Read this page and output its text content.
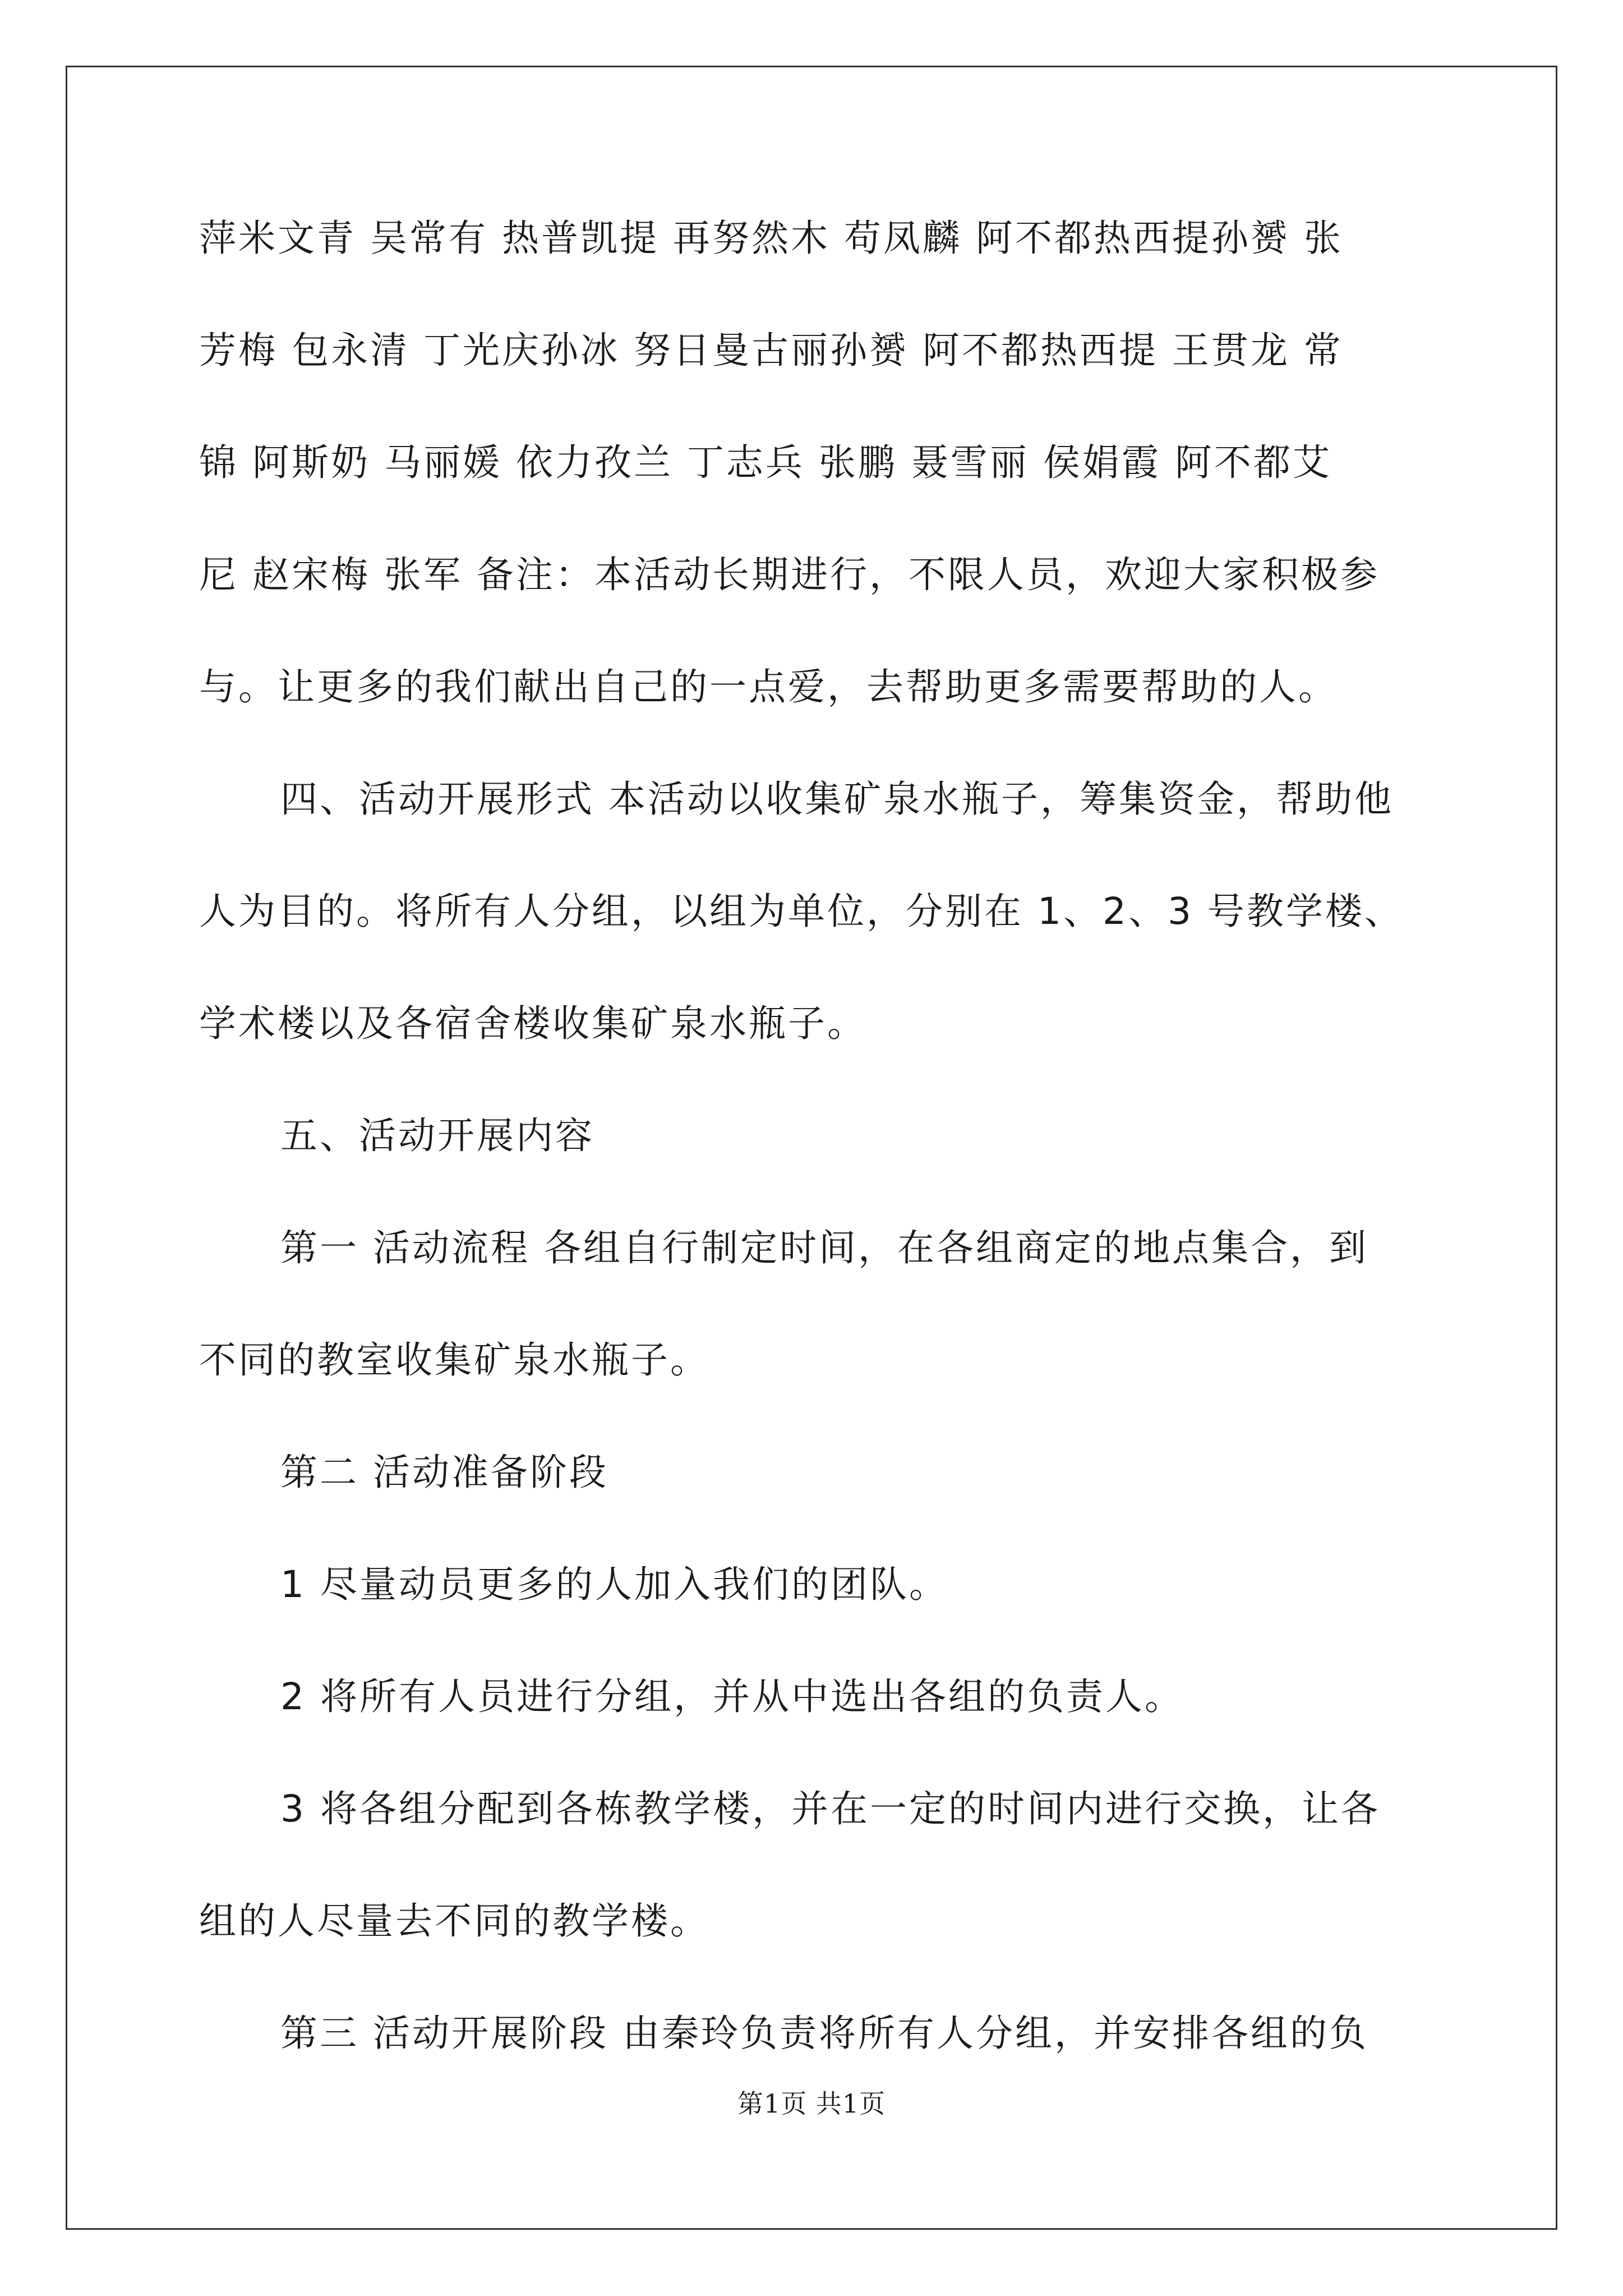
萍米文青 吴常有 热普凯提 再努然木 苟凤麟 阿不都热西提孙赟 张
芳梅 包永清 丁光庆孙冰 努日曼古丽孙赟 阿不都热西提 王贯龙 常
锦 阿斯奶 马丽媛 依力孜兰 丁志兵 张鹏 聂雪丽 侯娟霞 阿不都艾
尼 赵宋梅 张军 备注：本活动长期进行，不限人员，欢迎大家积极参
与。让更多的我们献出自己的一点爱，去帮助更多需要帮助的人。
四、活动开展形式 本活动以收集矿泉水瓶子，筹集资金，帮助他
人为目的。将所有人分组，以组为单位，分别在 1、2、3 号教学楼、
学术楼以及各宿舍楼收集矿泉水瓶子。
五、活动开展内容
第一 活动流程 各组自行制定时间，在各组商定的地点集合，到
不同的教室收集矿泉水瓶子。
第二 活动准备阶段
1 尽量动员更多的人加入我们的团队。
2 将所有人员进行分组，并从中选出各组的负责人。
3 将各组分配到各栋教学楼，并在一定的时间内进行交换，让各
组的人尽量去不同的教学楼。
第三 活动开展阶段 由秦玲负责将所有人分组，并安排各组的负
第1页 共1页
